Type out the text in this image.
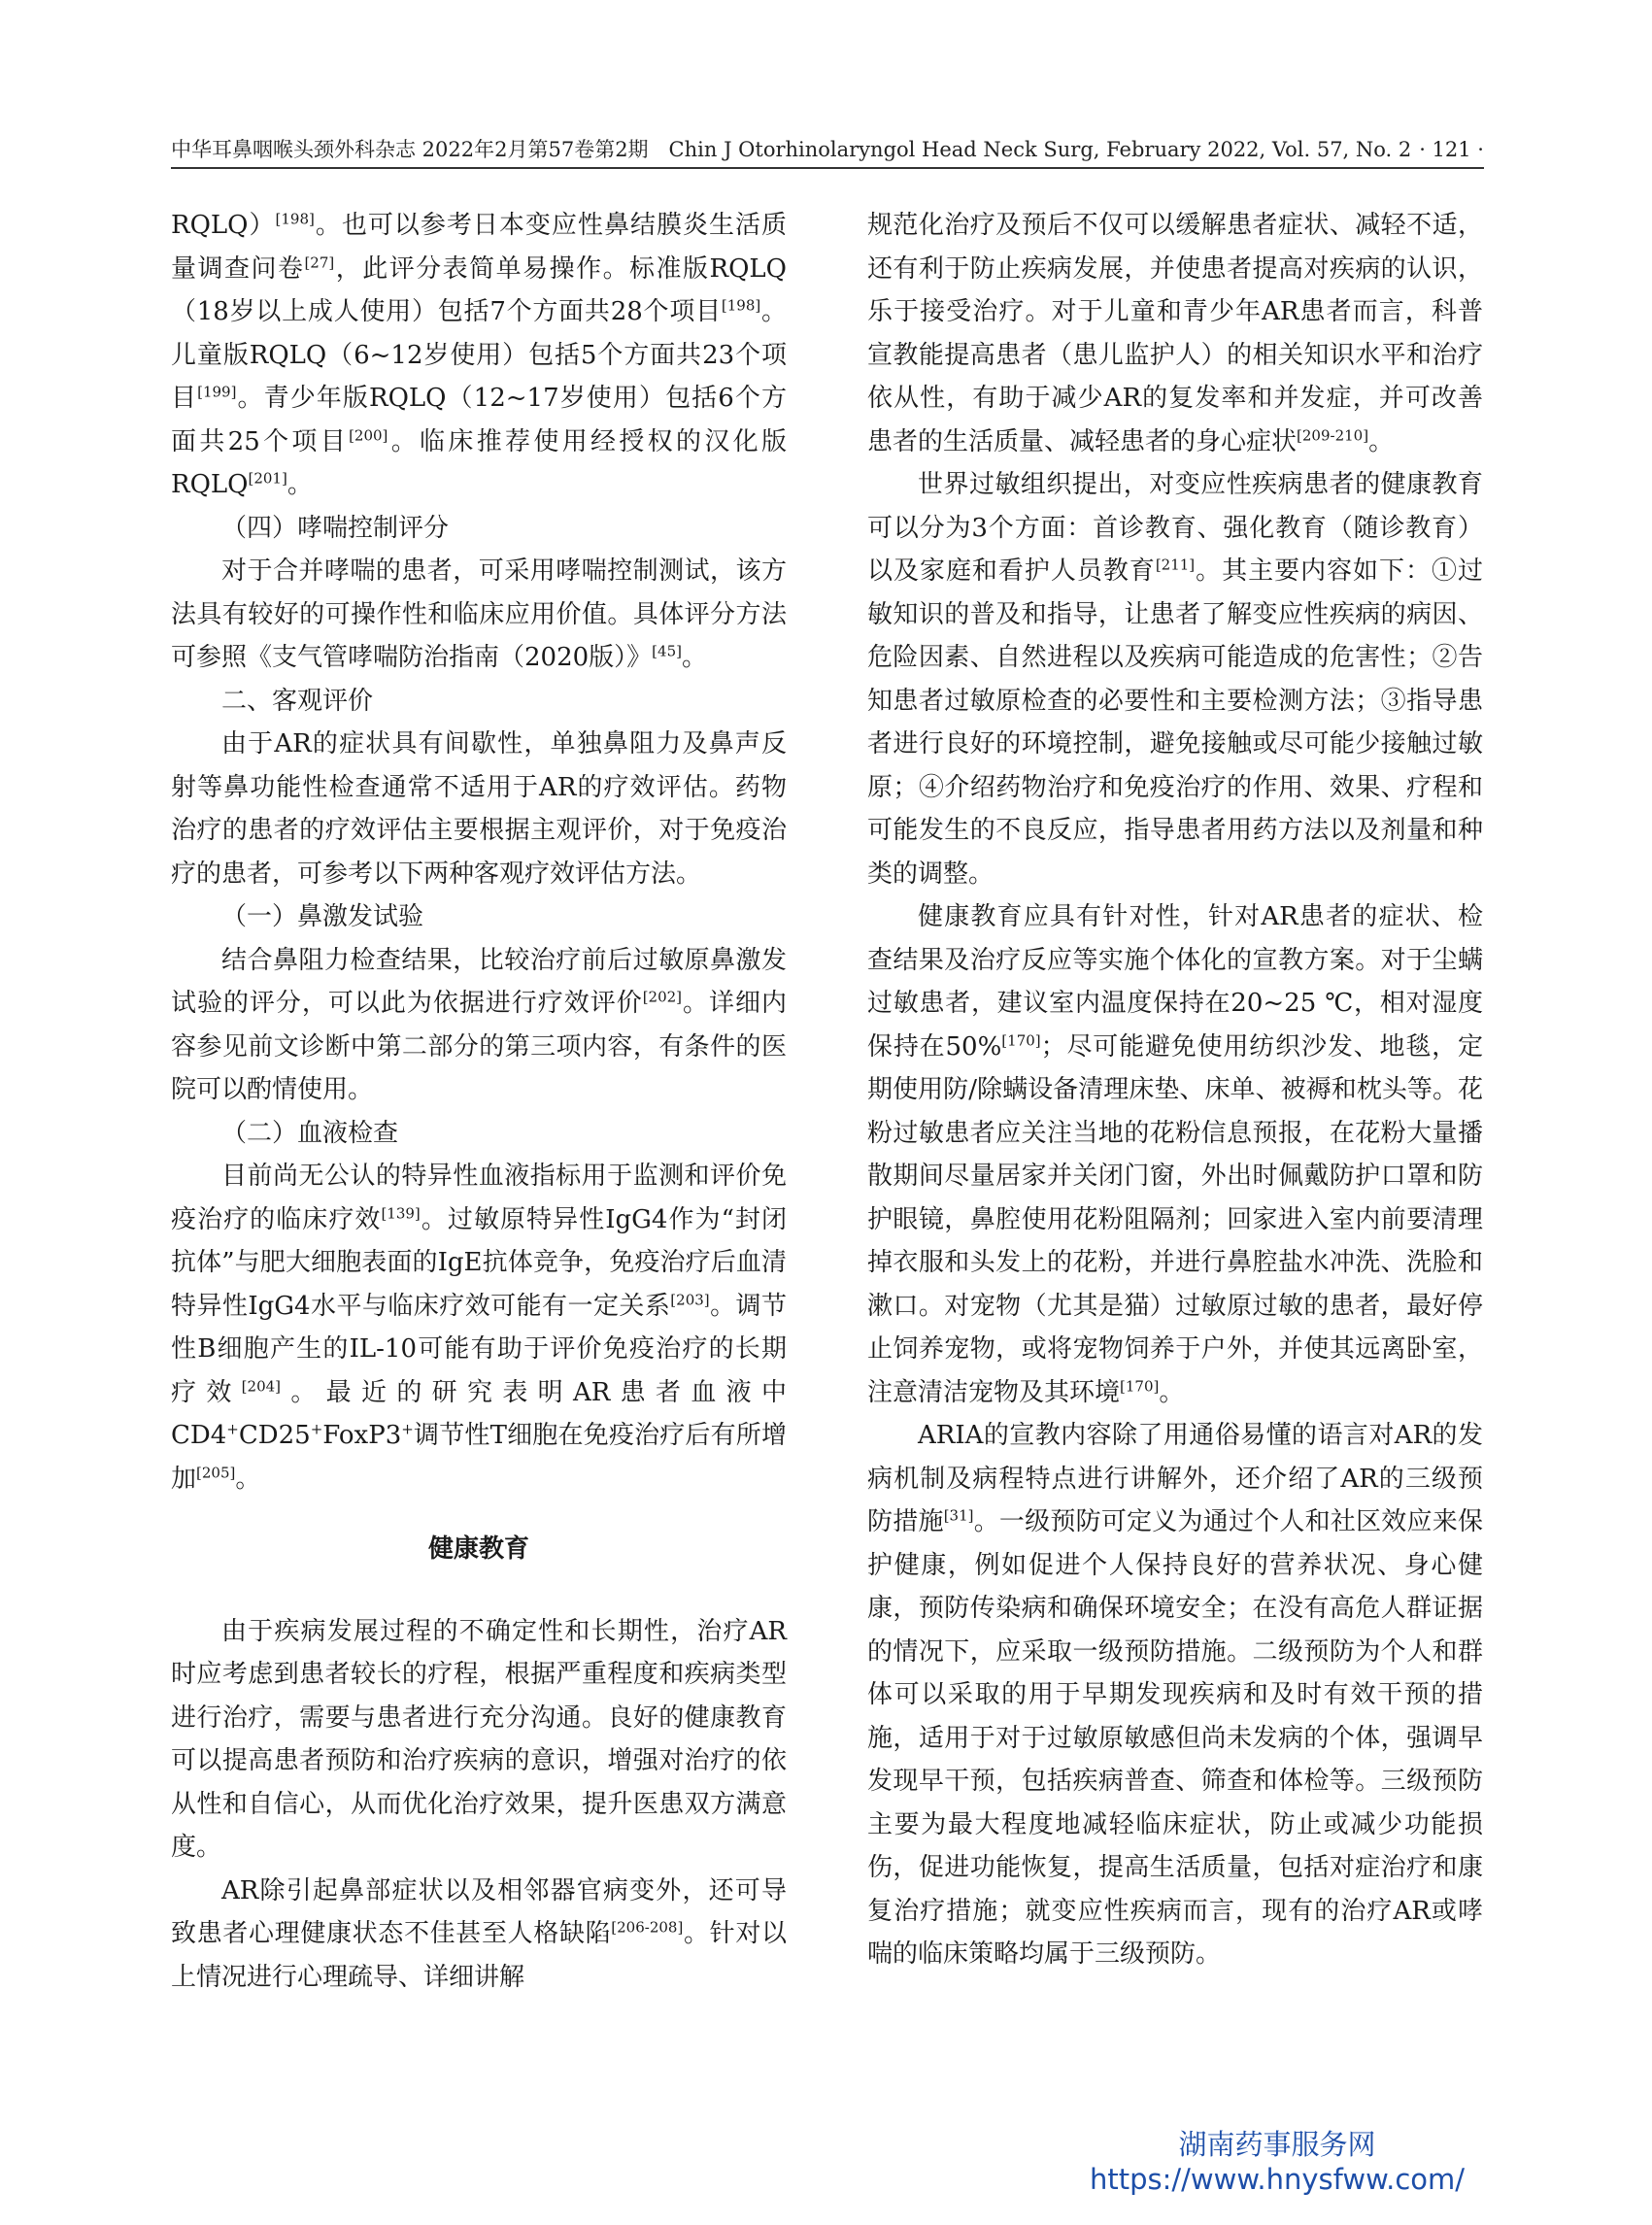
中华耳鼻咽喉头颈外科杂志 2022年2月第57卷第2期　Chin J Otorhinolaryngol Head Neck Surg, February 2022, Vol. 57, No. 2 · 121 ·

RQLQ）[198]。也可以参考日本变应性鼻结膜炎生活质量调查问卷[27]，此评分表简单易操作。标准版RQLQ（18岁以上成人使用）包括7个方面共28个项目[198]。儿童版RQLQ（6~12岁使用）包括5个方面共23个项目[199]。青少年版RQLQ（12~17岁使用）包括6个方面共25个项目[200]。临床推荐使用经授权的汉化版RQLQ[201]。

（四）哮喘控制评分

对于合并哮喘的患者，可采用哮喘控制测试，该方法具有较好的可操作性和临床应用价值。具体评分方法可参照《支气管哮喘防治指南（2020版）》[45]。

二、客观评价

由于AR的症状具有间歇性，单独鼻阻力及鼻声反射等鼻功能性检查通常不适用于AR的疗效评估。药物治疗的患者的疗效评估主要根据主观评价，对于免疫治疗的患者，可参考以下两种客观疗效评估方法。

（一）鼻激发试验

结合鼻阻力检查结果，比较治疗前后过敏原鼻激发试验的评分，可以此为依据进行疗效评价[202]。详细内容参见前文诊断中第二部分的第三项内容，有条件的医院可以酌情使用。

（二）血液检查

目前尚无公认的特异性血液指标用于监测和评价免疫治疗的临床疗效[139]。过敏原特异性IgG4作为“封闭抗体”与肥大细胞表面的IgE抗体竞争，免疫治疗后血清特异性IgG4水平与临床疗效可能有一定关系[203]。调节性B细胞产生的IL-10可能有助于评价免疫治疗的长期疗效[204]。最近的研究表明AR患者血液中CD4+CD25+FoxP3+调节性T细胞在免疫治疗后有所增加[205]。

健康教育

由于疾病发展过程的不确定性和长期性，治疗AR时应考虑到患者较长的疗程，根据严重程度和疾病类型进行治疗，需要与患者进行充分沟通。良好的健康教育可以提高患者预防和治疗疾病的意识，增强对治疗的依从性和自信心，从而优化治疗效果，提升医患双方满意度。

AR除引起鼻部症状以及相邻器官病变外，还可导致患者心理健康状态不佳甚至人格缺陷[206-208]。针对以上情况进行心理疏导、详细讲解

规范化治疗及预后不仅可以缓解患者症状、减轻不适，还有利于防止疾病发展，并使患者提高对疾病的认识，乐于接受治疗。对于儿童和青少年AR患者而言，科普宣教能提高患者（患儿监护人）的相关知识水平和治疗依从性，有助于减少AR的复发率和并发症，并可改善患者的生活质量、减轻患者的身心症状[209-210]。

世界过敏组织提出，对变应性疾病患者的健康教育可以分为3个方面：首诊教育、强化教育（随诊教育）以及家庭和看护人员教育[211]。其主要内容如下：①过敏知识的普及和指导，让患者了解变应性疾病的病因、危险因素、自然进程以及疾病可能造成的危害性；②告知患者过敏原检查的必要性和主要检测方法；③指导患者进行良好的环境控制，避免接触或尽可能少接触过敏原；④介绍药物治疗和免疫治疗的作用、效果、疗程和可能发生的不良反应，指导患者用药方法以及剂量和种类的调整。

健康教育应具有针对性，针对AR患者的症状、检查结果及治疗反应等实施个体化的宣教方案。对于尘螨过敏患者，建议室内温度保持在20~25 ℃，相对湿度保持在50%[170]；尽可能避免使用纺织沙发、地毯，定期使用防/除螨设备清理床垫、床单、被褥和枕头等。花粉过敏患者应关注当地的花粉信息预报，在花粉大量播散期间尽量居家并关闭门窗，外出时佩戴防护口罩和防护眼镜，鼻腔使用花粉阻隔剂；回家进入室内前要清理掉衣服和头发上的花粉，并进行鼻腔盐水冲洗、洗脸和漱口。对宠物（尤其是猫）过敏原过敏的患者，最好停止饲养宠物，或将宠物饲养于户外，并使其远离卧室，注意清洁宠物及其环境[170]。

ARIA的宣教内容除了用通俗易懂的语言对AR的发病机制及病程特点进行讲解外，还介绍了AR的三级预防措施[31]。一级预防可定义为通过个人和社区效应来保护健康，例如促进个人保持良好的营养状况、身心健康，预防传染病和确保环境安全；在没有高危人群证据的情况下，应采取一级预防措施。二级预防为个人和群体可以采取的用于早期发现疾病和及时有效干预的措施，适用于对于过敏原敏感但尚未发病的个体，强调早发现早干预，包括疾病普查、筛查和体检等。三级预防主要为最大程度地减轻临床症状，防止或减少功能损伤，促进功能恢复，提高生活质量，包括对症治疗和康复治疗措施；就变应性疾病而言，现有的治疗AR或哮喘的临床策略均属于三级预防。

湖南药事服务网
https://www.hnysfww.com/
